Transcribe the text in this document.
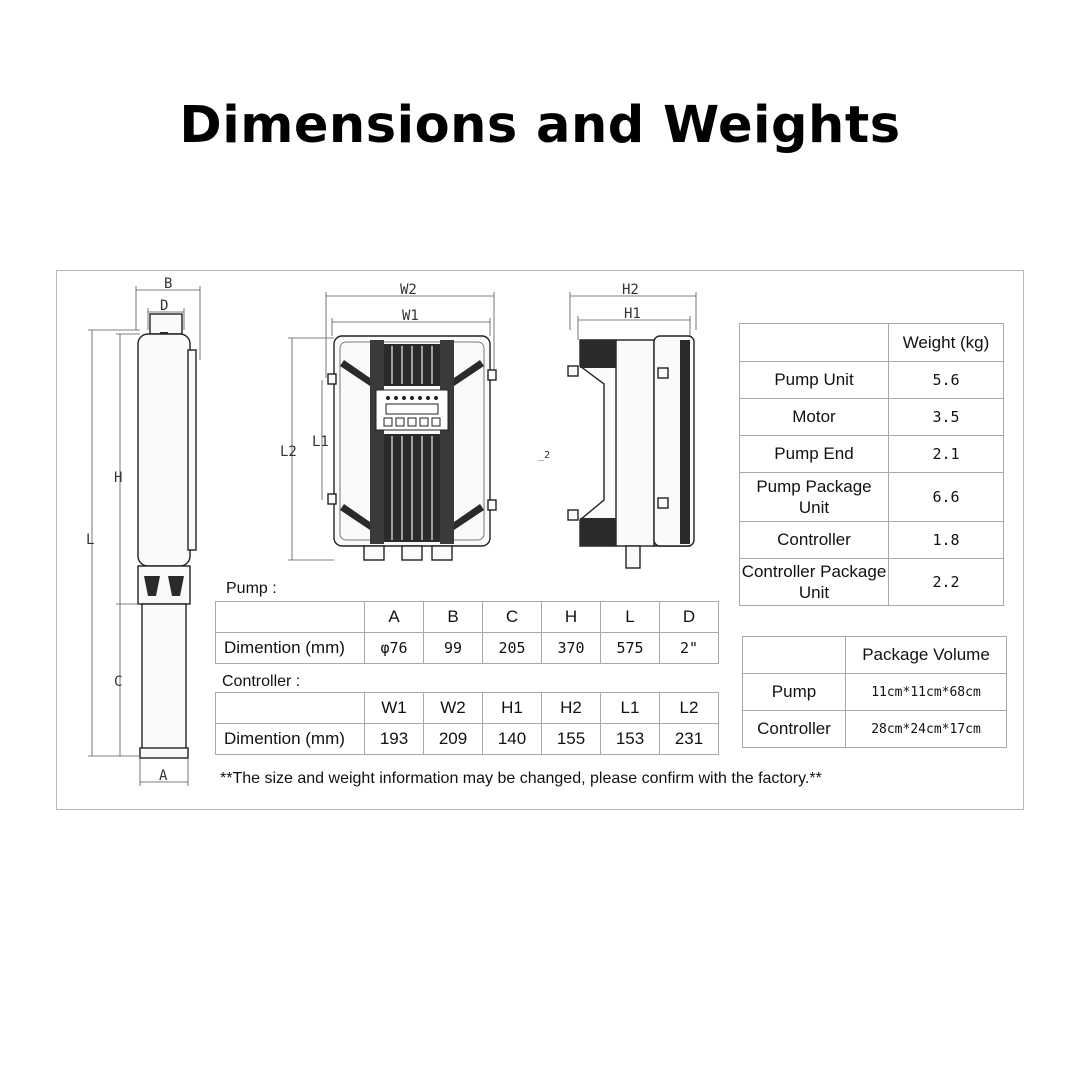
Dimensions and Weights
B
D
H
L
C
A
W2
W1
L2
L1
H2
H1
_2
Pump :
	A	B	C	H	L	D
Dimention (mm)	φ76	99	205	370	575	2"
Controller :
	W1	W2	H1	H2	L1	L2
Dimention (mm)	193	209	140	155	153	231
	Weight (kg)
Pump Unit	5.6
Motor	3.5
Pump End	2.1
Pump Package Unit	6.6
Controller	1.8
Controller Package Unit	2.2
	Package Volume
Pump	11cm*11cm*68cm
Controller	28cm*24cm*17cm
**The size and weight information may be changed, please confirm with the factory.**
